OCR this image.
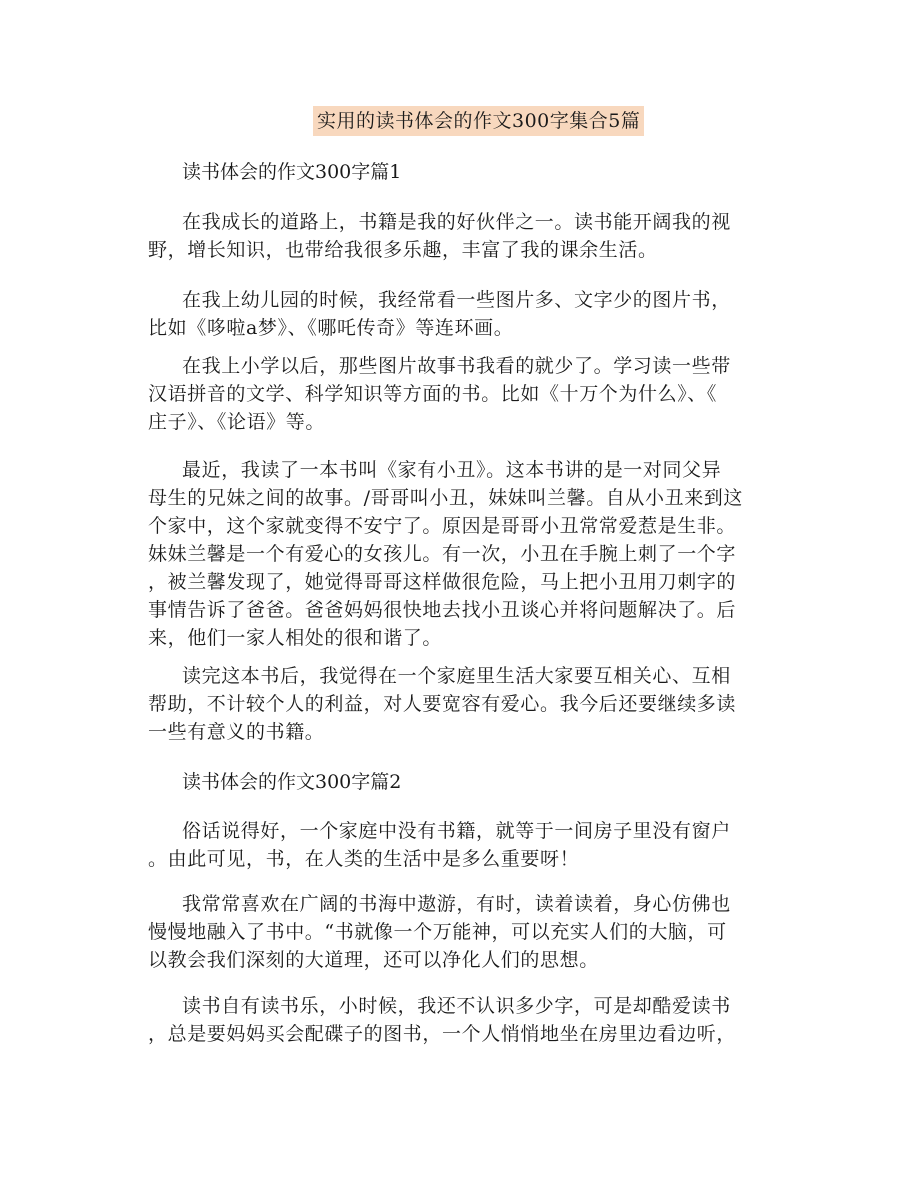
实用的读书体会的作文300字集合5篇
读书体会的作文300字篇1
在我成长的道路上，书籍是我的好伙伴之一。读书能开阔我的视
野，增长知识，也带给我很多乐趣，丰富了我的课余生活。
在我上幼儿园的时候，我经常看一些图片多、文字少的图片书，
比如《哆啦a梦》、《哪吒传奇》等连环画。
在我上小学以后，那些图片故事书我看的就少了。学习读一些带
汉语拼音的文学、科学知识等方面的书。比如《十万个为什么》、《
庄子》、《论语》等。
最近，我读了一本书叫《家有小丑》。这本书讲的是一对同父异
母生的兄妹之间的故事。/哥哥叫小丑，妹妹叫兰馨。自从小丑来到这
个家中，这个家就变得不安宁了。原因是哥哥小丑常常爱惹是生非。
妹妹兰馨是一个有爱心的女孩儿。有一次，小丑在手腕上刺了一个字
，被兰馨发现了，她觉得哥哥这样做很危险，马上把小丑用刀刺字的
事情告诉了爸爸。爸爸妈妈很快地去找小丑谈心并将问题解决了。后
来，他们一家人相处的很和谐了。
读完这本书后，我觉得在一个家庭里生活大家要互相关心、互相
帮助，不计较个人的利益，对人要宽容有爱心。我今后还要继续多读
一些有意义的书籍。
读书体会的作文300字篇2
俗话说得好，一个家庭中没有书籍，就等于一间房子里没有窗户
。由此可见，书，在人类的生活中是多么重要呀！
我常常喜欢在广阔的书海中遨游，有时，读着读着，身心仿佛也
慢慢地融入了书中。“书就像一个万能神，可以充实人们的大脑，可
以教会我们深刻的大道理，还可以净化人们的思想。
读书自有读书乐，小时候，我还不认识多少字，可是却酷爱读书
，总是要妈妈买会配碟子的图书，一个人悄悄地坐在房里边看边听，
